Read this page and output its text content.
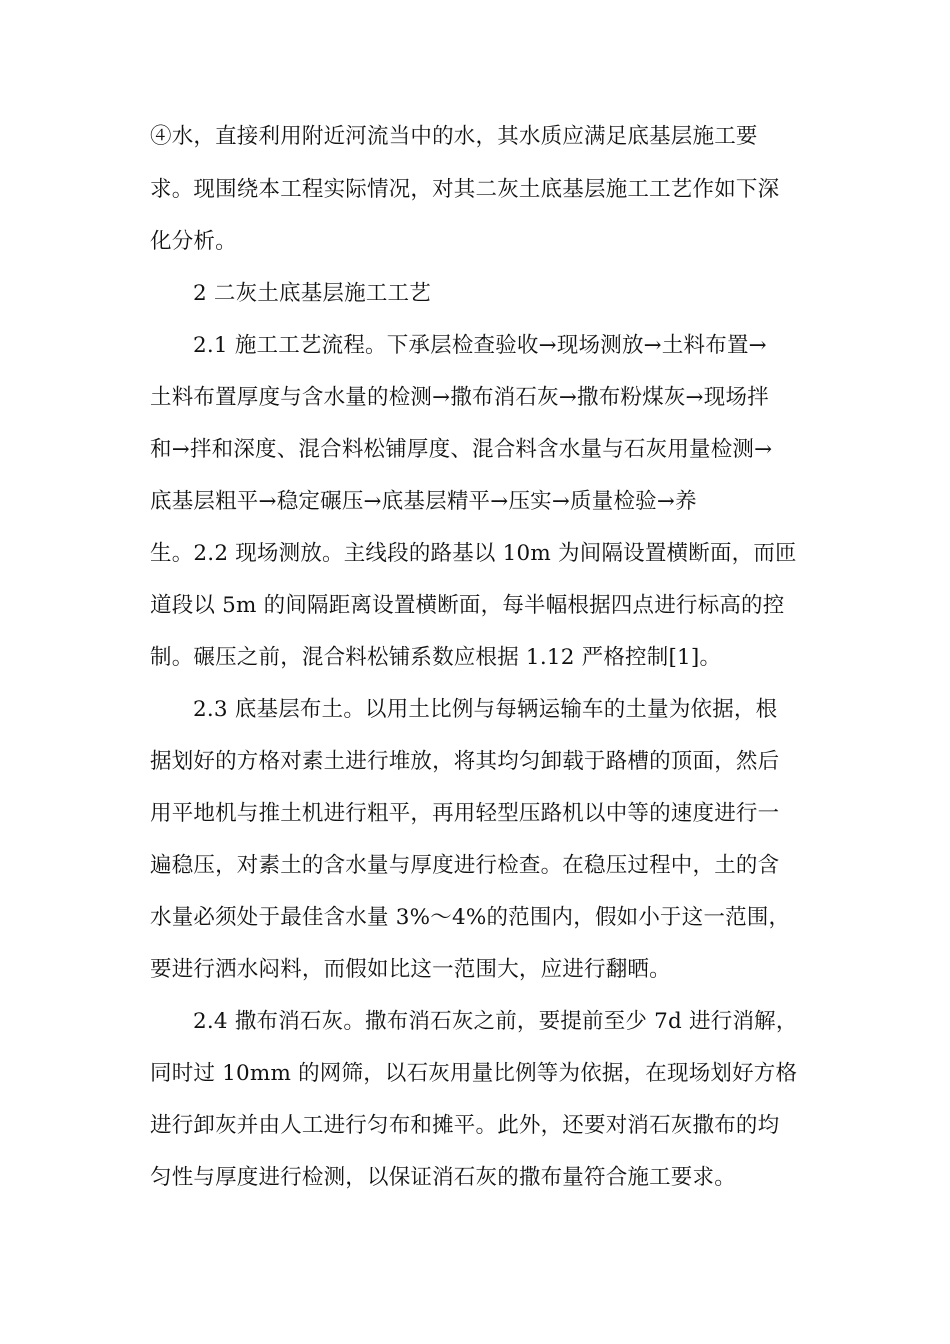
④水，直接利用附近河流当中的水，其水质应满足底基层施工要
求。现围绕本工程实际情况，对其二灰土底基层施工工艺作如下深
化分析。
2 二灰土底基层施工工艺
2.1 施工工艺流程。下承层检查验收→现场测放→土料布置→
土料布置厚度与含水量的检测→撒布消石灰→撒布粉煤灰→现场拌
和→拌和深度、混合料松铺厚度、混合料含水量与石灰用量检测→
底基层粗平→稳定碾压→底基层精平→压实→质量检验→养
生。2.2 现场测放。主线段的路基以 10m 为间隔设置横断面，而匝
道段以 5m 的间隔距离设置横断面，每半幅根据四点进行标高的控
制。碾压之前，混合料松铺系数应根据 1.12 严格控制[1]。
2.3 底基层布土。以用土比例与每辆运输车的土量为依据，根
据划好的方格对素土进行堆放，将其均匀卸载于路槽的顶面，然后
用平地机与推土机进行粗平，再用轻型压路机以中等的速度进行一
遍稳压，对素土的含水量与厚度进行检查。在稳压过程中，土的含
水量必须处于最佳含水量 3%～4%的范围内，假如小于这一范围，
要进行洒水闷料，而假如比这一范围大，应进行翻晒。
2.4 撒布消石灰。撒布消石灰之前，要提前至少 7d 进行消解，
同时过 10mm 的网筛，以石灰用量比例等为依据，在现场划好方格
进行卸灰并由人工进行匀布和摊平。此外，还要对消石灰撒布的均
匀性与厚度进行检测，以保证消石灰的撒布量符合施工要求。
